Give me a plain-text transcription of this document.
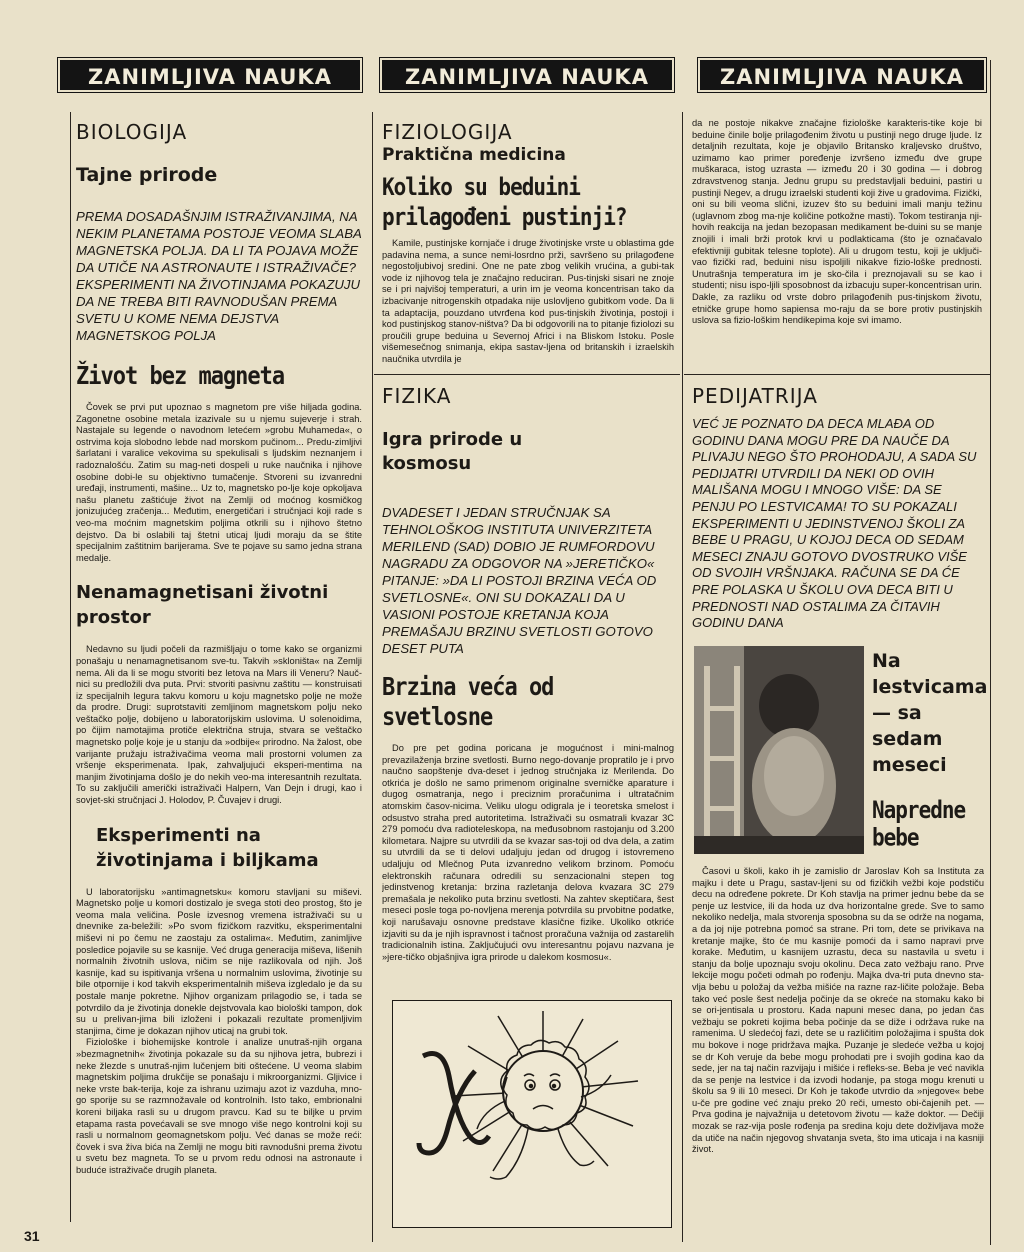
ZANIMLJIVA NAUKA	ZANIMLJIVA NAUKA	ZANIMLJIVA NAUKA
BIOLOGIJA
Tajne prirode
PREMA DOSADAŠNJIM ISTRAŽIVANJIMA, NA NEKIM PLANETAMA POSTOJE VEOMA SLABA MAGNETSKA POLJA. DA LI TA POJAVA MOŽE DA UTIČE NA ASTRONAUTE I ISTRAŽIVAČE? EKSPERIMENTI NA ŽIVOTINJAMA POKAZUJU DA NE TREBA BITI RAVNODUŠAN PREMA SVETU U KOME NEMA DEJSTVA MAGNETSKOG POLJA
Život bez magneta

Čovek se prvi put upoznao s magnetom pre više hiljada godina. Zagonetne osobine metala izazivale su u njemu sujeverje i strah. Nastajale su legende o navodnom letećem »grobu Muhameda«, o ostrvima koja slobodno lebde nad morskom pučinom... Predu-zimljivi šarlatani i varalice vekovima su spekulisali s ljudskim neznanjem i radoznalošću. Zatim su mag-neti dospeli u ruke naučnika i njihove osobine dobi-le su objektivno tumačenje. Stvoreni su izvanredni uređaji, instrumenti, mašine... Uz to, magnetsko po-lje koje opkoljava našu planetu zaštićuje život na Zemlji od moćnog kosmičkog jonizujućeg zračenja... Međutim, energetičari i stručnjaci koji rade s veo-ma moćnim magnetskim poljima otkrili su i njihovo štetno dejstvo. Da bi oslabili taj štetni uticaj ljudi moraju da se štite specijalnim zaštitnim barijerama. Sve te pojave su samo jedna strana medalje.

Nenamagnetisani životni prostor

Nedavno su ljudi počeli da razmišljaju o tome kako se organizmi ponašaju u nenamagnetisanom sve-tu. Takvih »skloništa« na Zemlji nema. Ali da li se mogu stvoriti bez letova na Mars ili Veneru? Nauč-nici su predložili dva puta. Prvi: stvoriti pasivnu zaštitu — konstruisati iz specijalnih legura takvu komoru u koju magnetsko polje ne može da prodre. Drugi: suprotstaviti zemljinom magnetskom polju neko veštačko polje, dobijeno u laboratorijskim uslovima. U solenoidima, po čijim namotajima protiče električna struja, stvara se veštačko magnetsko polje koje je u stanju da »odbije« prirodno. Na žalost, obe varijante pružaju istraživačima veoma mali prostorni volumen za vršenje eksperimenata. Ipak, zahvaljujući eksperi-mentima na manjim životinjama došlo je do nekih veo-ma interesantnih rezultata. To su zaključili američki istraživači Halpern, Van Dejn i drugi, kao i sovjet-ski stručnjaci J. Holodov, P. Čuvajev i drugi.

Eksperimenti na životinjama i biljkama

U laboratorijsku »antimagnetsku« komoru stavljani su miševi. Magnetsko polje u komori dostizalo je svega stoti deo prostog, što je veoma mala veličina. Posle izvesnog vremena istraživači su u dnevnike za-beležili: »Po svom fizičkom razvitku, eksperimentalni miševi ni po čemu ne zaostaju za ostalima«. Međutim, zanimljive posledice pojavile su se kasnije. Već druga generacija miševa, lišenih normalnih životnih uslova, ničim se nije razlikovala od njih. Još kasnije, kad su ispitivanja vršena u normalnim uslovima, životinje su bile otpornije i kod takvih eksperimentalnih miševa izgledalo je da su postale manje pokretne. Njihov organizam prilagodio se, i tada se potvrdilo da je životinja donekle dejstvovala kao biološki tampon, dok su u prelivan-jima bili izloženi i pokazali rezultate promenljivim stanjima, čime je dokazan njihov uticaj na grubi tok.

Fiziološke i biohemijske kontrole i analize unutraš-njih organa »bezmagnetnih« životinja pokazale su da su njihova jetra, bubrezi i neke žlezde s unutraš-njim lučenjem biti oštećene. U veoma slabim magnetskim poljima drukčije se ponašaju i mikroorganizmi. Gljivice i neke vrste bak-terija, koje za ishranu uzimaju azot iz vazduha, mno-go sporije su se razmnožavale od kontrolnih. Isto tako, embrionalni koreni biljaka rasli su u drugom pravcu. Kad su te biljke u prvim etapama rasta povećavali se sve mnogo više nego kontrolni koji su rasli u normalnom geomagnetskom polju. Već danas se može reći: čovek i sva živa bića na Zemlji ne mogu biti ravnodušni prema životu u svetu bez magneta. To se u prvom redu odnosi na astronaute i buduće istraživače drugih planeta.

FIZIOLOGIJA
Praktična medicina
Koliko su beduini prilagođeni pustinji?

Kamile, pustinjske kornjače i druge životinjske vrste u oblastima gde padavina nema, a sunce nemi-losrdno prži, savršeno su prilagođene negostoljubivoj sredini. One ne pate zbog velikih vrućina, a gubi-tak vode iz njihovog tela je značajno reduciran. Pus-tinjski sisari ne znoje se i pri najvišoj temperaturi, a urin im je veoma koncentrisan tako da izbacivanje nitrogenskih otpadaka nije uslovljeno gubitkom vode. Da li ta adaptacija, pouzdano utvrđena kod pus-tinjskih životinja, postoji i kod pustinjskog stanov-ništva? Da bi odgovorili na to pitanje fiziolozi su proučili grupe beduina u Severnoj Africi i na Bliskom Istoku. Posle višemesečnog snimanja, ekipa sastav-ljena od britanskih i izraelskih naučnika utvrdila je

da ne postoje nikakve značajne fiziološke karakteris-tike koje bi beduine činile bolje prilagođenim životu u pustinji nego druge ljude. Iz detaljnih rezultata, koje je objavilo Britansko kraljevsko društvo, uzimamo kao primer poređenje izvršeno između dve grupe muškaraca, istog uzrasta — između 20 i 30 godina — i dobrog zdravstvenog stanja. Jednu grupu su predstavljali beduini, pastiri u pustinji Negev, a drugu izraelski studenti koji žive u gradovima. Fizički, oni su bili veoma slični, izuzev što su beduini imali manju težinu (uglavnom zbog ma-nje količine potkožne masti). Tokom testiranja nji-hovih reakcija na jedan bezopasan medikament be-duini su se manje znojili i imali brži protok krvi u podlakticama (što je označavalo efektivniji gubitak telesne toplote). Ali u drugom testu, koji je uključi-vao fizički rad, beduini nisu ispoljili nikakve fizio-loške prednosti. Unutrašnja temperatura im je sko-čila i preznojavali su se kao i studenti; nisu ispo-ljili sposobnost da izbacuju super-koncentrisan urin. Dakle, za razliku od vrste dobro prilagođenih pus-tinjskom životu, etničke grupe homo sapiensa mo-raju da se bore protiv pustinjskih uslova sa fizio-loškim hendikepima koje svi imamo.

FIZIKA
Igra prirode u kosmosu
DVADESET I JEDAN STRUČNJAK SA TEHNOLOŠKOG INSTITUTA UNIVERZITETA MERILEND (SAD) DOBIO JE RUMFORDOVU NAGRADU ZA ODGOVOR NA »JERETIČKO« PITANJE: »DA LI POSTOJI BRZINA VEĆA OD SVETLOSNE«. ONI SU DOKAZALI DA U VASIONI POSTOJE KRETANJA KOJA PREMAŠAJU BRZINU SVETLOSTI GOTOVO DESET PUTA
Brzina veća od svetlosne

Do pre pet godina poricana je mogućnost i mini-malnog prevazilaženja brzine svetlosti. Burno nego-dovanje propratilo je i prvo naučno saopštenje dva-deset i jednog stručnjaka iz Merilenda. Do otkrića je došlo ne samo primenom originalne sverničke aparature i dugog osmatranja, nego i preciznim proračunima i ultratačnim atomskim časov-nicima. Veliku ulogu odigrala je i teoretska smelost i odsustvo straha pred autoritetima. Istraživači su osmatrali kvazar 3C 279 pomoću dva radioteleskopa, na međusobnom rastojanju od 3.200 kilometara. Najpre su utvrdili da se kvazar sas-toji od dva dela, a zatim su utvrdili da se ti delovi udaljuju jedan od drugog i istovremeno udaljuju od Mlečnog Puta izvanredno velikom brzinom. Pomoću elektronskih računara odredili su senzacionalni stepen tog jedinstvenog kretanja: brzina razletanja delova kvazara 3C 279 premašala je nekoliko puta brzinu svetlosti. Na zahtev skeptičara, šest meseci posle toga po-novljena merenja potvrdila su prvobitne podatke, koji narušavaju osnovne predstave klasične fizike. Ukoliko otkriće izjaviti su da je njih ispravnost i tačnost proračuna važnija od zastarelih tradicionalnih istina. Zaključujući ovu interesantnu pojavu nazvana je »jere-tičko objašnjiva igra prirode u dalekom kosmosu«.

PEDIJATRIJA
VEĆ JE POZNATO DA DECA MLAĐA OD GODINU DANA MOGU PRE DA NAUČE DA PLIVAJU NEGO ŠTO PROHODAJU, A SADA SU PEDIJATRI UTVRDILI DA NEKI OD OVIH MALIŠANA MOGU I MNOGO VIŠE: DA SE PENJU PO LESTVICAMA! TO SU POKAZALI EKSPERIMENTI U JEDINSTVENOJ ŠKOLI ZA BEBE U PRAGU, U KOJOJ DECA OD SEDAM MESECI ZNAJU GOTOVO DVOSTRUKO VIŠE OD SVOJIH VRŠNJAKA. RAČUNA SE DA ĆE PRE POLASKA U ŠKOLU OVA DECA BITI U PREDNOSTI NAD OSTALIMA ZA ČITAVIH GODINU DANA
Na lestvicama — sa sedam meseci
Napredne bebe

Časovi u školi, kako ih je zamislio dr Jaroslav Koh sa Instituta za majku i dete u Pragu, sastav-ljeni su od fizičkih vežbi koje podstiču decu na određene pokrete. Dr Koh stavlja na primer jednu bebe da se penje uz lestvice, ili da hoda uz dva horizontalne grede. Sve to samo nekoliko nedelja, mala stvorenja sposobna su da se održe na nogama, a da joj nije potrebna pomoć sa strane. Pri tom, dete se privikava na kretanje majke, što će mu kasnije pomoći da i samo napravi prve korake. Međutim, u kasnijem uzrastu, deca su nastavila u svetu i stanju da bolje upoznaju svoju okolinu. Deca zato vežbaju rano. Prve lekcije mogu početi odmah po rođenju. Majka dva-tri puta dnevno sta-vlja bebu u položaj da vežba mišiće na razne raz-ličite položaje. Beba tako već posle šest nedelja počinje da se okreće na stomaku kako bi se ori-jentisala u prostoru. Kada napuni mesec dana, po jedan čas vežbaju se pokreti kojima beba počinje da se diže i održava ruke na ramenima. U sledećoj fazi, dete se u različitim položajima i spušta dok mu bokove i noge pridržava majka. Puzanje je sledeće vežba u kojoj se dr Koh veruje da bebe mogu prohodati pre i svojih godina kao da sede, jer na taj način razvijaju i mišiće i refleks-se. Beba je već navikla da se penje na lestvice i da izvodi hodanje, pa stoga mogu krenuti u školu sa 9 ili 10 meseci. Dr Koh je takođe utvrdio da »njegove« bebe u-če pre godine već znaju preko 20 reči, umesto obi-čajenih pet. — Prva godina je najvažnija u detetovom životu — kaže doktor. — Dečiji mozak se raz-vija posle rođenja pa sredina koju dete doživljava može da utiče na način njegovog shvatanja sveta, što ima uticaja i na kasniji život.

31
